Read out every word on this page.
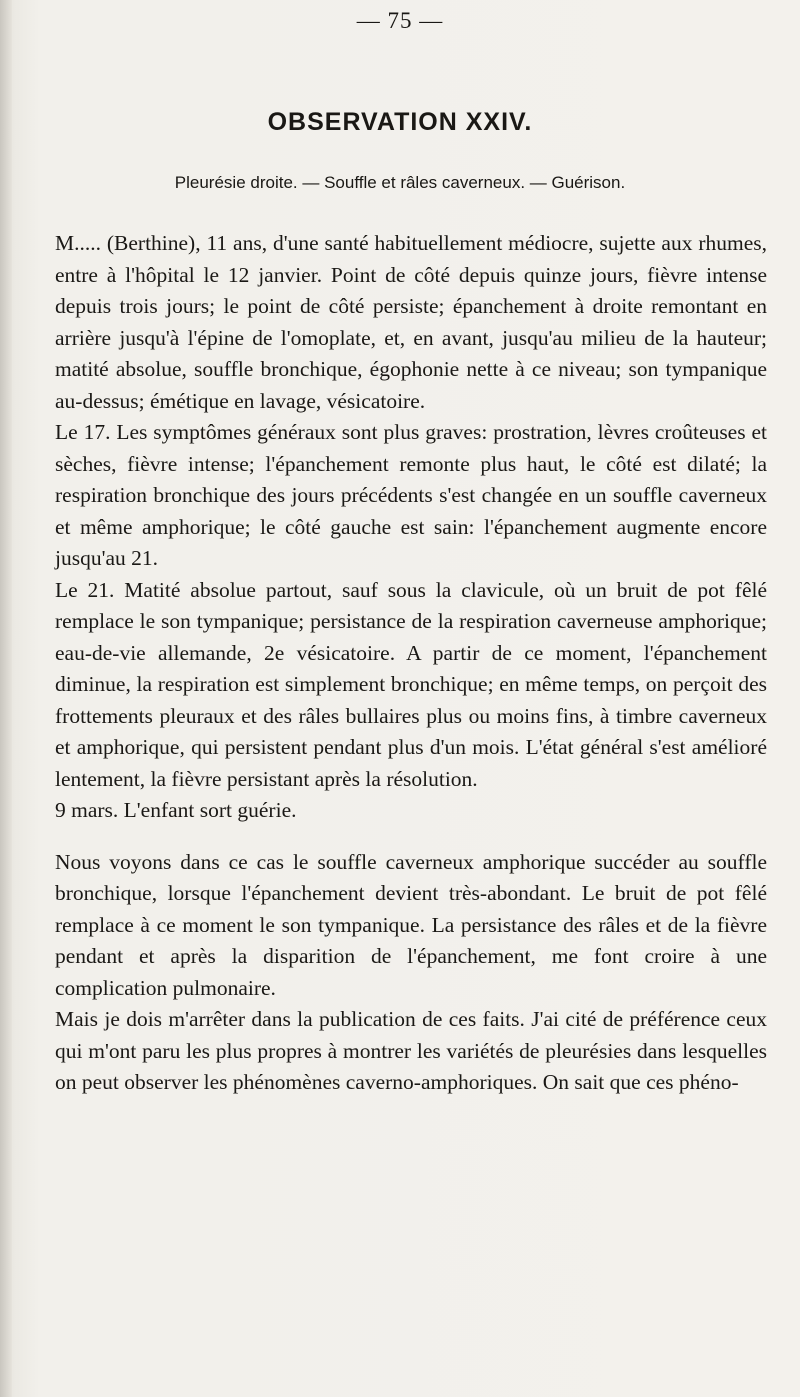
— 75 —
OBSERVATION XXIV.
Pleurésie droite. — Souffle et râles caverneux. — Guérison.

M..... (Berthine), 11 ans, d'une santé habituellement médiocre, sujette aux rhumes, entre à l'hôpital le 12 janvier. Point de côté depuis quinze jours, fièvre intense depuis trois jours; le point de côté persiste; épanchement à droite remontant en arrière jusqu'à l'épine de l'omoplate, et, en avant, jusqu'au milieu de la hauteur; matité absolue, souffle bronchique, égophonie nette à ce niveau; son tympanique au-dessus; émétique en lavage, vésicatoire.

Le 17. Les symptômes généraux sont plus graves: prostration, lèvres croûteuses et sèches, fièvre intense; l'épanchement remonte plus haut, le côté est dilaté; la respiration bronchique des jours précédents s'est changée en un souffle caverneux et même amphorique; le côté gauche est sain: l'épanchement augmente encore jusqu'au 21.

Le 21. Matité absolue partout, sauf sous la clavicule, où un bruit de pot fêlé remplace le son tympanique; persistance de la respiration caverneuse amphorique; eau-de-vie allemande, 2e vésicatoire. A partir de ce moment, l'épanchement diminue, la respiration est simplement bronchique; en même temps, on perçoit des frottements pleuraux et des râles bullaires plus ou moins fins, à timbre caverneux et amphorique, qui persistent pendant plus d'un mois. L'état général s'est amélioré lentement, la fièvre persistant après la résolution.

9 mars. L'enfant sort guérie.

Nous voyons dans ce cas le souffle caverneux amphorique succéder au souffle bronchique, lorsque l'épanchement devient très-abondant. Le bruit de pot fêlé remplace à ce moment le son tympanique. La persistance des râles et de la fièvre pendant et après la disparition de l'épanchement, me font croire à une complication pulmonaire.

Mais je dois m'arrêter dans la publication de ces faits. J'ai cité de préférence ceux qui m'ont paru les plus propres à montrer les variétés de pleurésies dans lesquelles on peut observer les phénomènes caverno-amphoriques. On sait que ces phéno-
